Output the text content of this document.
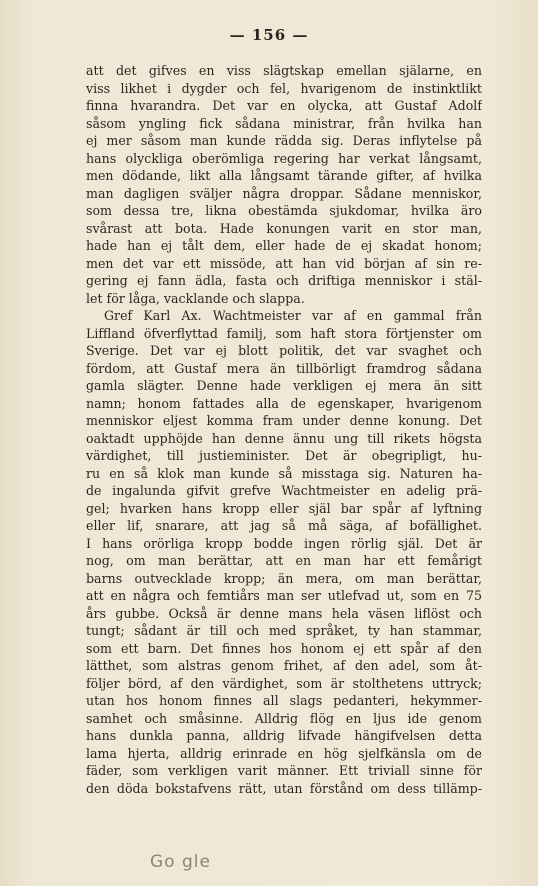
— 156 —
att det gifves en viss slägtskap emellan själarne, en
viss likhet i dygder och fel, hvarigenom de instinktlikt
finna hvarandra. Det var en olycka, att Gustaf Adolf
såsom yngling fick sådana ministrar, från hvilka han
ej mer såsom man kunde rädda sig. Deras inflytelse på
hans olyckliga oberömliga regering har verkat långsamt,
men dödande, likt alla långsamt tärande gifter, af hvilka
man dagligen sväljer några droppar. Sådane menniskor,
som dessa tre, likna obestämda sjukdomar, hvilka äro
svårast att bota. Hade konungen varit en stor man,
hade han ej tålt dem, eller hade de ej skadat honom;
men det var ett missöde, att han vid början af sin re-
gering ej fann ädla, fasta och driftiga menniskor i stäl-
let för låga, vacklande och slappa.
Gref Karl Ax. Wachtmeister var af en gammal från
Liffland öfverflyttad familj, som haft stora förtjenster om
Sverige. Det var ej blott politik, det var svaghet och
fördom, att Gustaf mera än tillbörligt framdrog sådana
gamla slägter. Denne hade verkligen ej mera än sitt
namn; honom fattades alla de egenskaper, hvarigenom
menniskor eljest komma fram under denne konung. Det
oaktadt upphöjde han denne ännu ung till rikets högsta
värdighet, till justieminister. Det är obegripligt, hu-
ru en så klok man kunde så misstaga sig. Naturen ha-
de ingalunda gifvit grefve Wachtmeister en adelig prä-
gel; hvarken hans kropp eller själ bar spår af lyftning
eller lif, snarare, att jag så må säga, af bofällighet.
I hans orörliga kropp bodde ingen rörlig själ. Det är
nog, om man berättar, att en man har ett femårigt
barns outvecklade kropp; än mera, om man berättar,
att en några och femtiårs man ser utlefvad ut, som en 75
års gubbe. Också är denne mans hela väsen liflöst och
tungt; sådant är till och med språket, ty han stammar,
som ett barn. Det finnes hos honom ej ett spår af den
lätthet, som alstras genom frihet, af den adel, som åt-
följer börd, af den värdighet, som är stolthetens uttryck;
utan hos honom finnes all slags pedanteri, hekymmer-
samhet och småsinne. Alldrig flög en ljus ide genom
hans dunkla panna, alldrig lifvade hängifvelsen detta
lama hjerta, alldrig erinrade en hög sjelfkänsla om de
fäder, som verkligen varit männer. Ett triviall sinne för
den döda bokstafvens rätt, utan förstånd om dess tillämp-
Go gle
